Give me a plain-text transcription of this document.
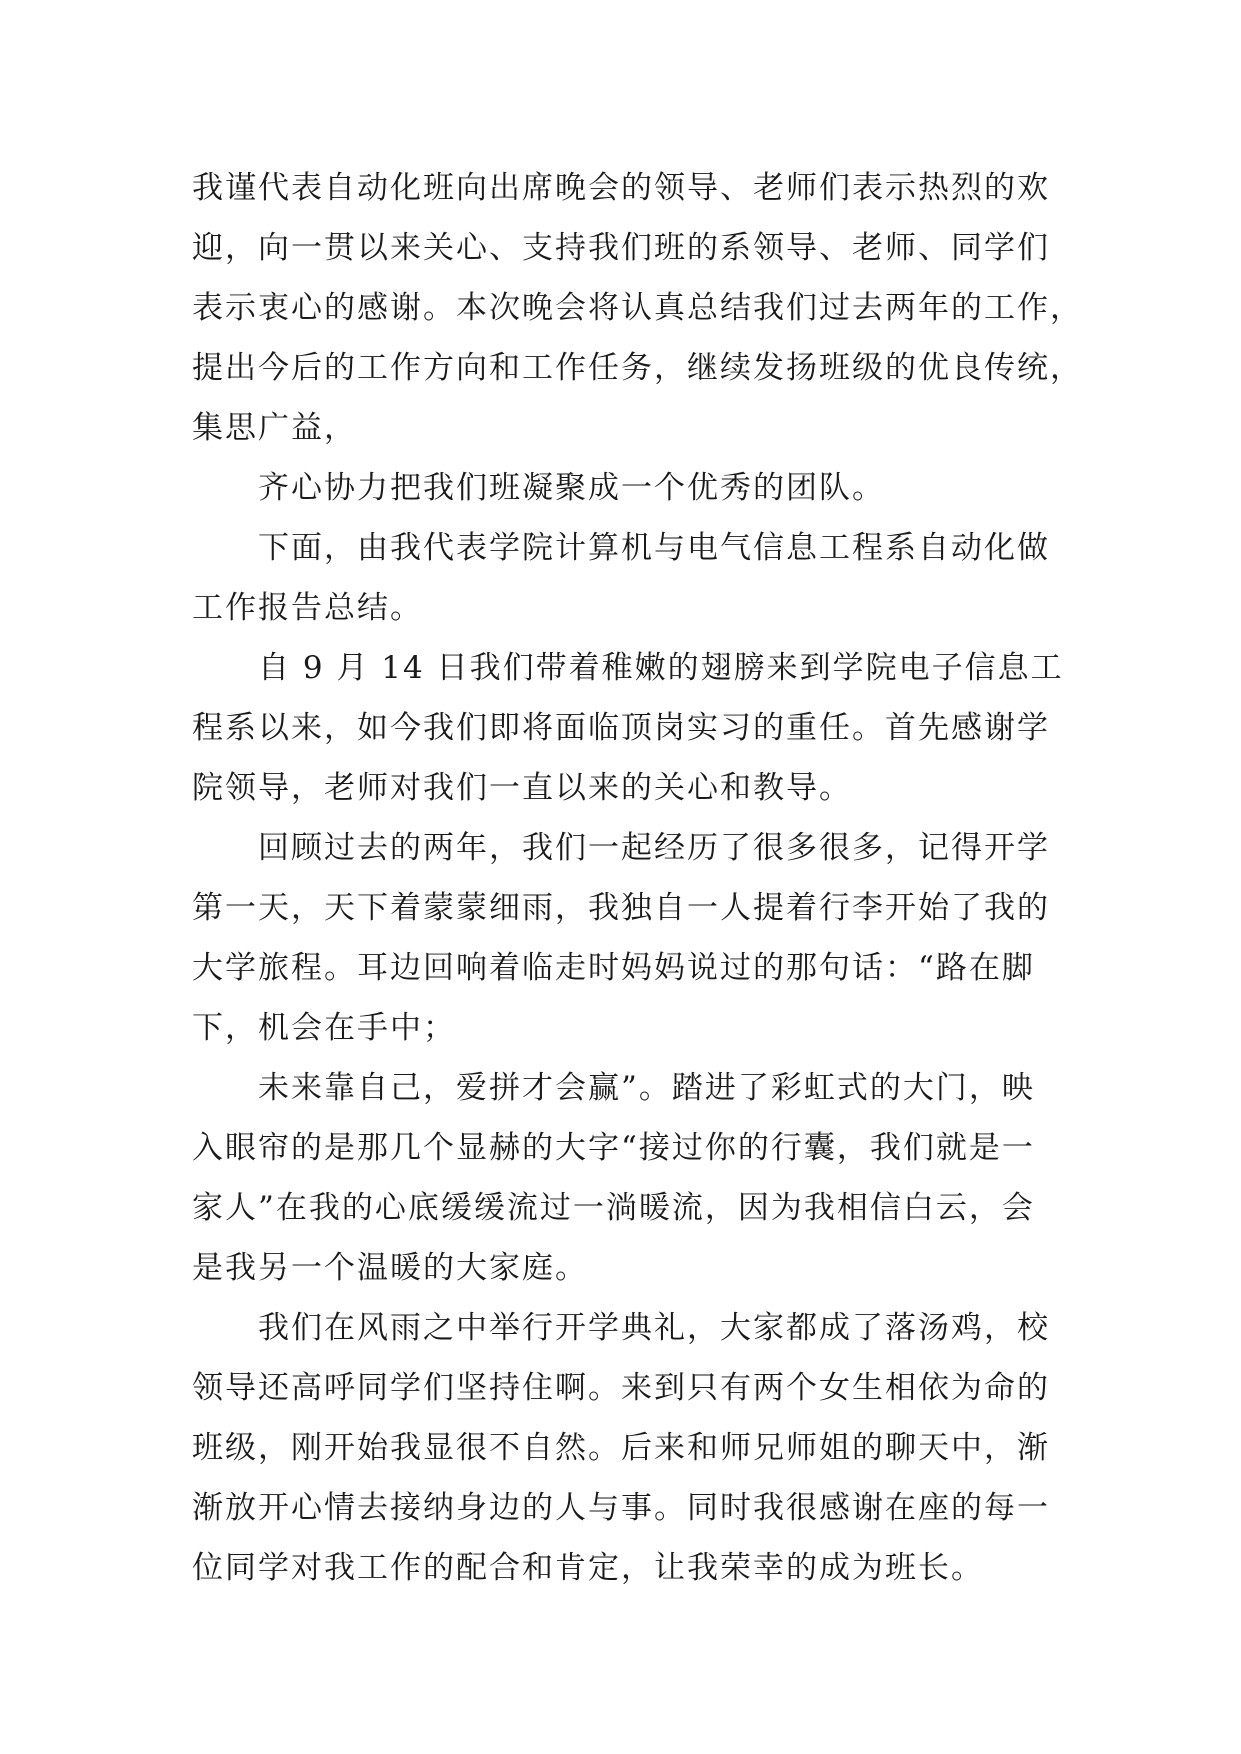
我谨代表自动化班向出席晚会的领导、老师们表示热烈的欢
迎，向一贯以来关心、支持我们班的系领导、老师、同学们
表示衷心的感谢。本次晚会将认真总结我们过去两年的工作，
提出今后的工作方向和工作任务，继续发扬班级的优良传统，
集思广益，

齐心协力把我们班凝聚成一个优秀的团队。

下面，由我代表学院计算机与电气信息工程系自动化做
工作报告总结。

自 9 月 14 日我们带着稚嫩的翅膀来到学院电子信息工
程系以来，如今我们即将面临顶岗实习的重任。首先感谢学
院领导，老师对我们一直以来的关心和教导。

回顾过去的两年，我们一起经历了很多很多，记得开学
第一天，天下着蒙蒙细雨，我独自一人提着行李开始了我的
大学旅程。耳边回响着临走时妈妈说过的那句话：“路在脚
下，机会在手中；

未来靠自己，爱拼才会赢”。踏进了彩虹式的大门，映
入眼帘的是那几个显赫的大字“接过你的行囊，我们就是一
家人”在我的心底缓缓流过一淌暖流，因为我相信白云，会
是我另一个温暖的大家庭。

我们在风雨之中举行开学典礼，大家都成了落汤鸡，校
领导还高呼同学们坚持住啊。来到只有两个女生相依为命的
班级，刚开始我显很不自然。后来和师兄师姐的聊天中，渐
渐放开心情去接纳身边的人与事。同时我很感谢在座的每一
位同学对我工作的配合和肯定，让我荣幸的成为班长。
